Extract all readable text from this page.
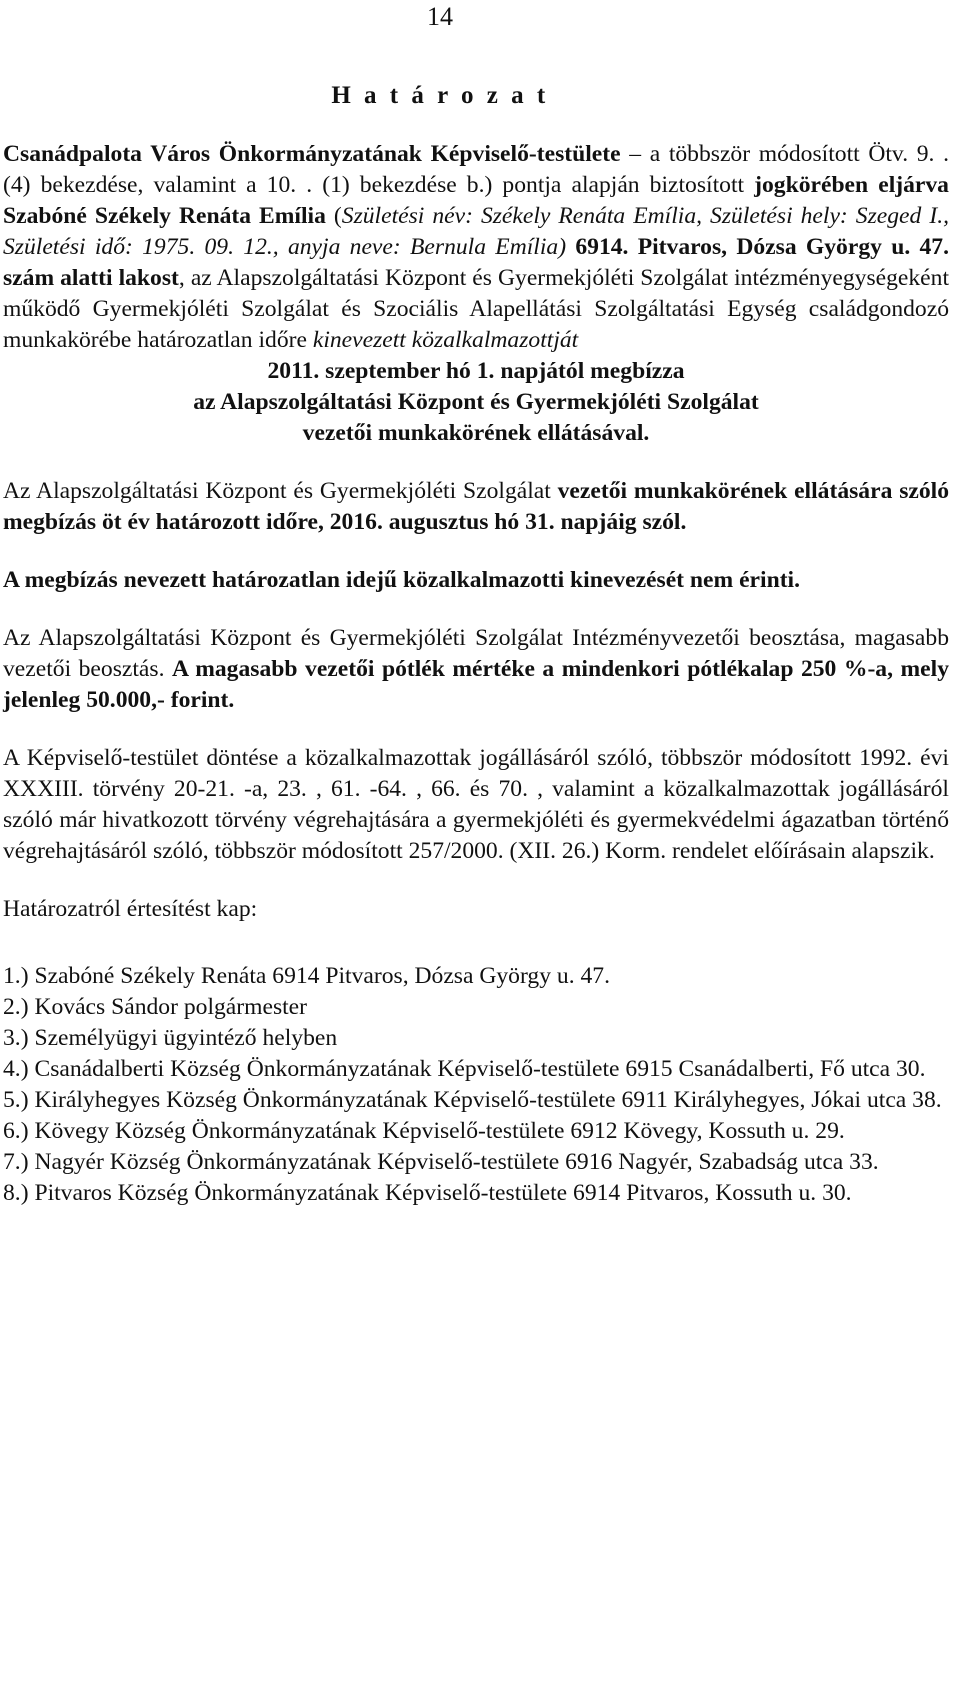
14
H a t á r o z a t

Csanádpalota Város Önkormányzatának Képviselő-testülete – a többször módosított Ötv. 9. . (4) bekezdése, valamint a 10. . (1) bekezdése b.) pontja alapján biztosított jogkörében eljárva Szabóné Székely Renáta Emília (Születési név: Székely Renáta Emília, Születési hely: Szeged I., Születési idő: 1975. 09. 12., anyja neve: Bernula Emília) 6914. Pitvaros, Dózsa György u. 47. szám alatti lakost, az Alapszolgáltatási Központ és Gyermekjóléti Szolgálat intézményegységeként működő Gyermekjóléti Szolgálat és Szociális Alapellátási Szolgáltatási Egység családgondozó munkakörébe határozatlan időre kinevezett közalkalmazottját

2011. szeptember hó 1. napjától megbízza

az Alapszolgáltatási Központ és Gyermekjóléti Szolgálat

vezetői munkakörének ellátásával.

Az Alapszolgáltatási Központ és Gyermekjóléti Szolgálat vezetői munkakörének ellátására szóló megbízás öt év határozott időre, 2016. augusztus hó 31. napjáig szól.

A megbízás nevezett határozatlan idejű közalkalmazotti kinevezését nem érinti.

Az Alapszolgáltatási Központ és Gyermekjóléti Szolgálat Intézményvezetői beosztása, magasabb vezetői beosztás. A magasabb vezetői pótlék mértéke a mindenkori pótlékalap 250 %-a, mely jelenleg 50.000,- forint.

A Képviselő-testület döntése a közalkalmazottak jogállásáról szóló, többször módosított 1992. évi XXXIII. törvény 20-21. -a, 23. , 61. -64. , 66. és 70. , valamint a közalkalmazottak jogállásáról szóló már hivatkozott törvény végrehajtására a gyermekjóléti és gyermekvédelmi ágazatban történő végrehajtásáról szóló, többször módosított 257/2000. (XII. 26.) Korm. rendelet előírásain alapszik.

Határozatról értesítést kap:

1.) Szabóné Székely Renáta 6914 Pitvaros, Dózsa György u. 47.

2.) Kovács Sándor polgármester

3.) Személyügyi ügyintéző helyben

4.) Csanádalberti Község Önkormányzatának Képviselő-testülete 6915 Csanádalberti, Fő utca 30.

5.) Királyhegyes Község Önkormányzatának Képviselő-testülete 6911 Királyhegyes, Jókai utca 38.

6.) Kövegy Község Önkormányzatának Képviselő-testülete 6912 Kövegy, Kossuth u. 29.

7.) Nagyér Község Önkormányzatának Képviselő-testülete 6916 Nagyér, Szabadság utca 33.

8.) Pitvaros Község Önkormányzatának Képviselő-testülete 6914 Pitvaros, Kossuth u. 30.
